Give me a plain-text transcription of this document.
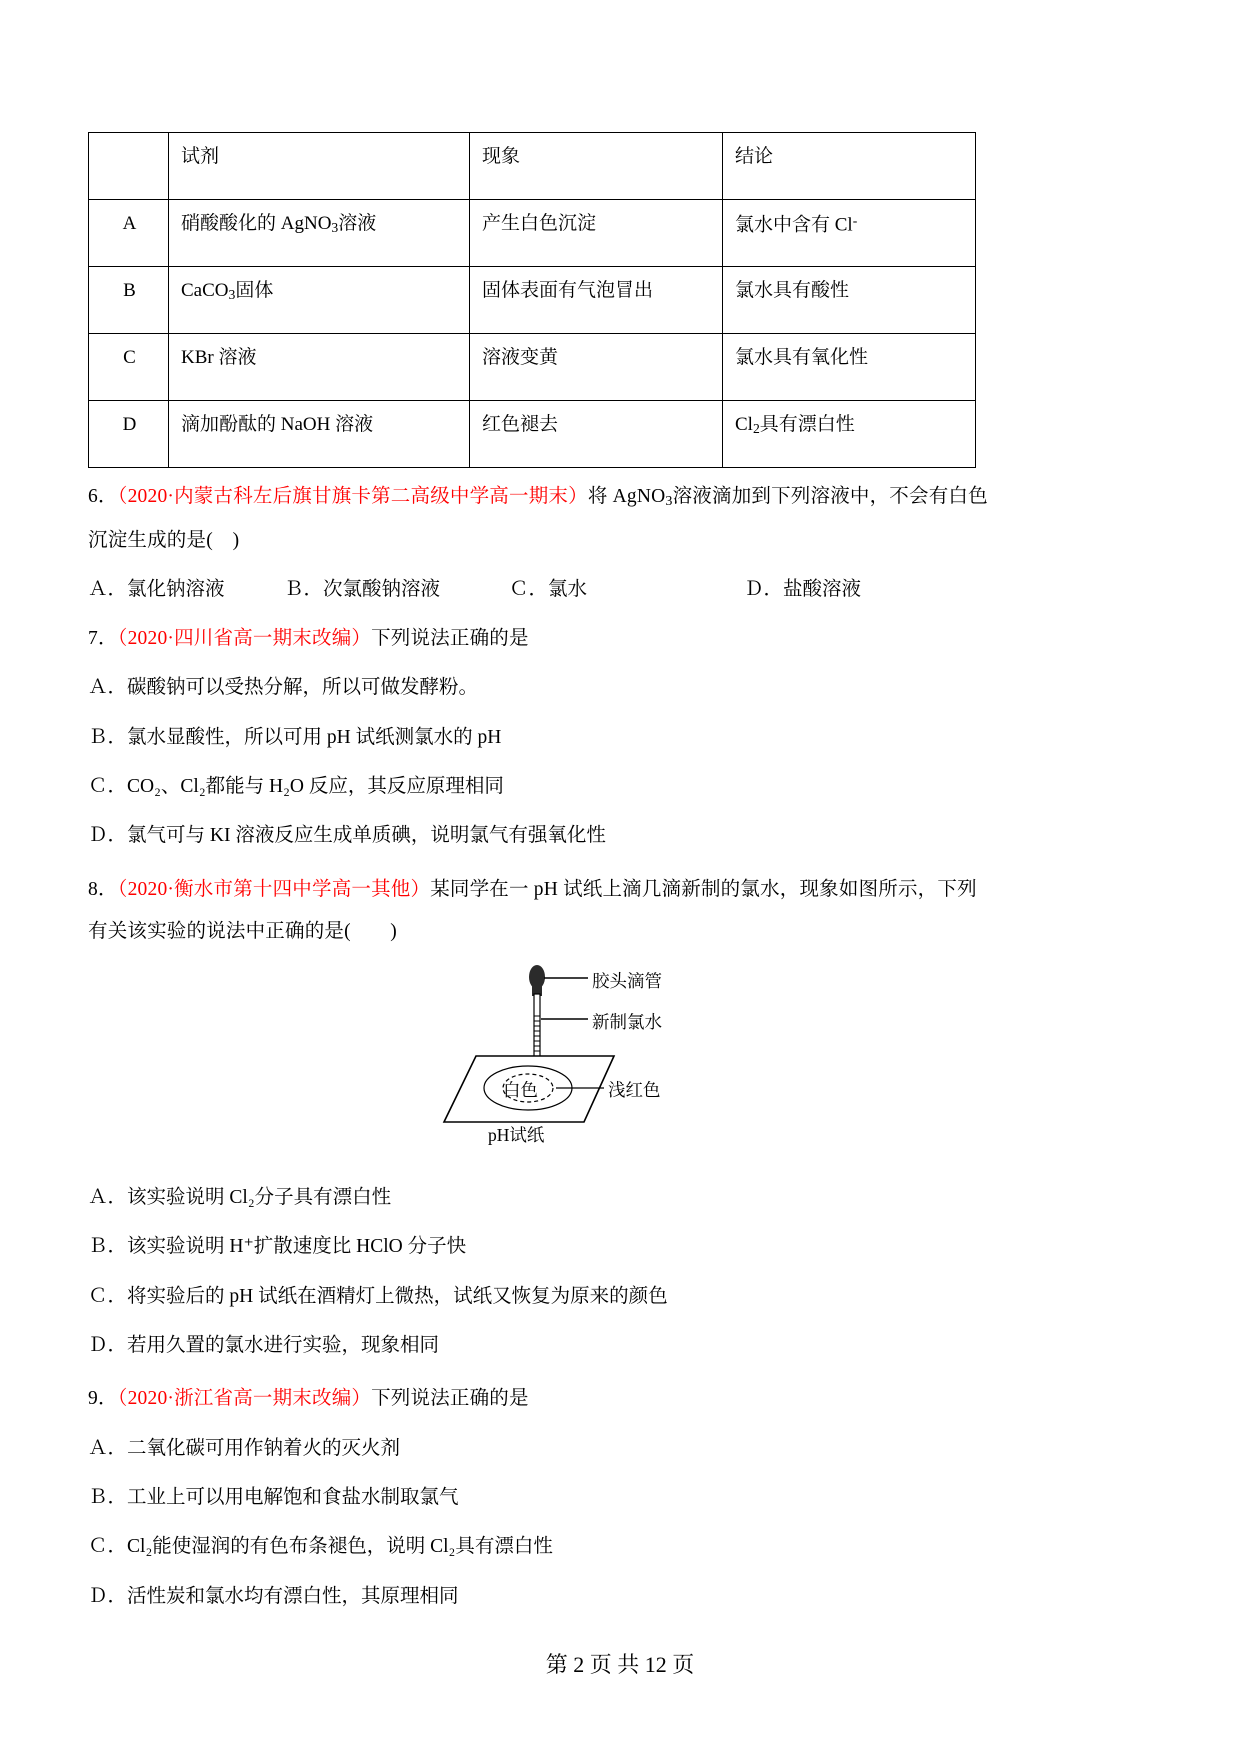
	试剂	现象	结论
A	硝酸酸化的 AgNO$_3$溶液	产生白色沉淀	氯水中含有 Cl-
B	CaCO$_3$固体	固体表面有气泡冒出	氯水具有酸性
C	KBr 溶液	溶液变黄	氯水具有氧化性
D	滴加酚酞的 NaOH 溶液	红色褪去	$Cl_2$具有漂白性
6．（2020·内蒙古科左后旗甘旗卡第二高级中学高一期末）将 AgNO$_3$溶液滴加到下列溶液中，不会有白色
沉淀生成的是(　)
Ａ．氯化钠溶液	Ｂ．次氯酸钠溶液	Ｃ．氯水	Ｄ．盐酸溶液
7．（2020·四川省高一期末改编）下列说法正确的是
Ａ．碳酸钠可以受热分解，所以可做发酵粉。
Ｂ．氯水显酸性，所以可用 pH 试纸测氯水的 pH
Ｃ．CO₂、Cl₂都能与 H₂O 反应，其反应原理相同
Ｄ．氯气可与 KI 溶液反应生成单质碘，说明氯气有强氧化性
8．（2020·衡水市第十四中学高一其他）某同学在一 pH 试纸上滴几滴新制的氯水，现象如图所示，下列
有关该实验的说法中正确的是(　　)
胶头滴管
新制氯水
白色	浅红色
pH试纸
Ａ．该实验说明 Cl₂分子具有漂白性
Ｂ．该实验说明 H⁺扩散速度比 HClO 分子快
Ｃ．将实验后的 pH 试纸在酒精灯上微热，试纸又恢复为原来的颜色
Ｄ．若用久置的氯水进行实验，现象相同
9．（2020·浙江省高一期末改编）下列说法正确的是
Ａ．二氧化碳可用作钠着火的灭火剂
Ｂ．工业上可以用电解饱和食盐水制取氯气
Ｃ．Cl₂能使湿润的有色布条褪色，说明 Cl₂具有漂白性
Ｄ．活性炭和氯水均有漂白性，其原理相同
第 2 页 共 12 页
